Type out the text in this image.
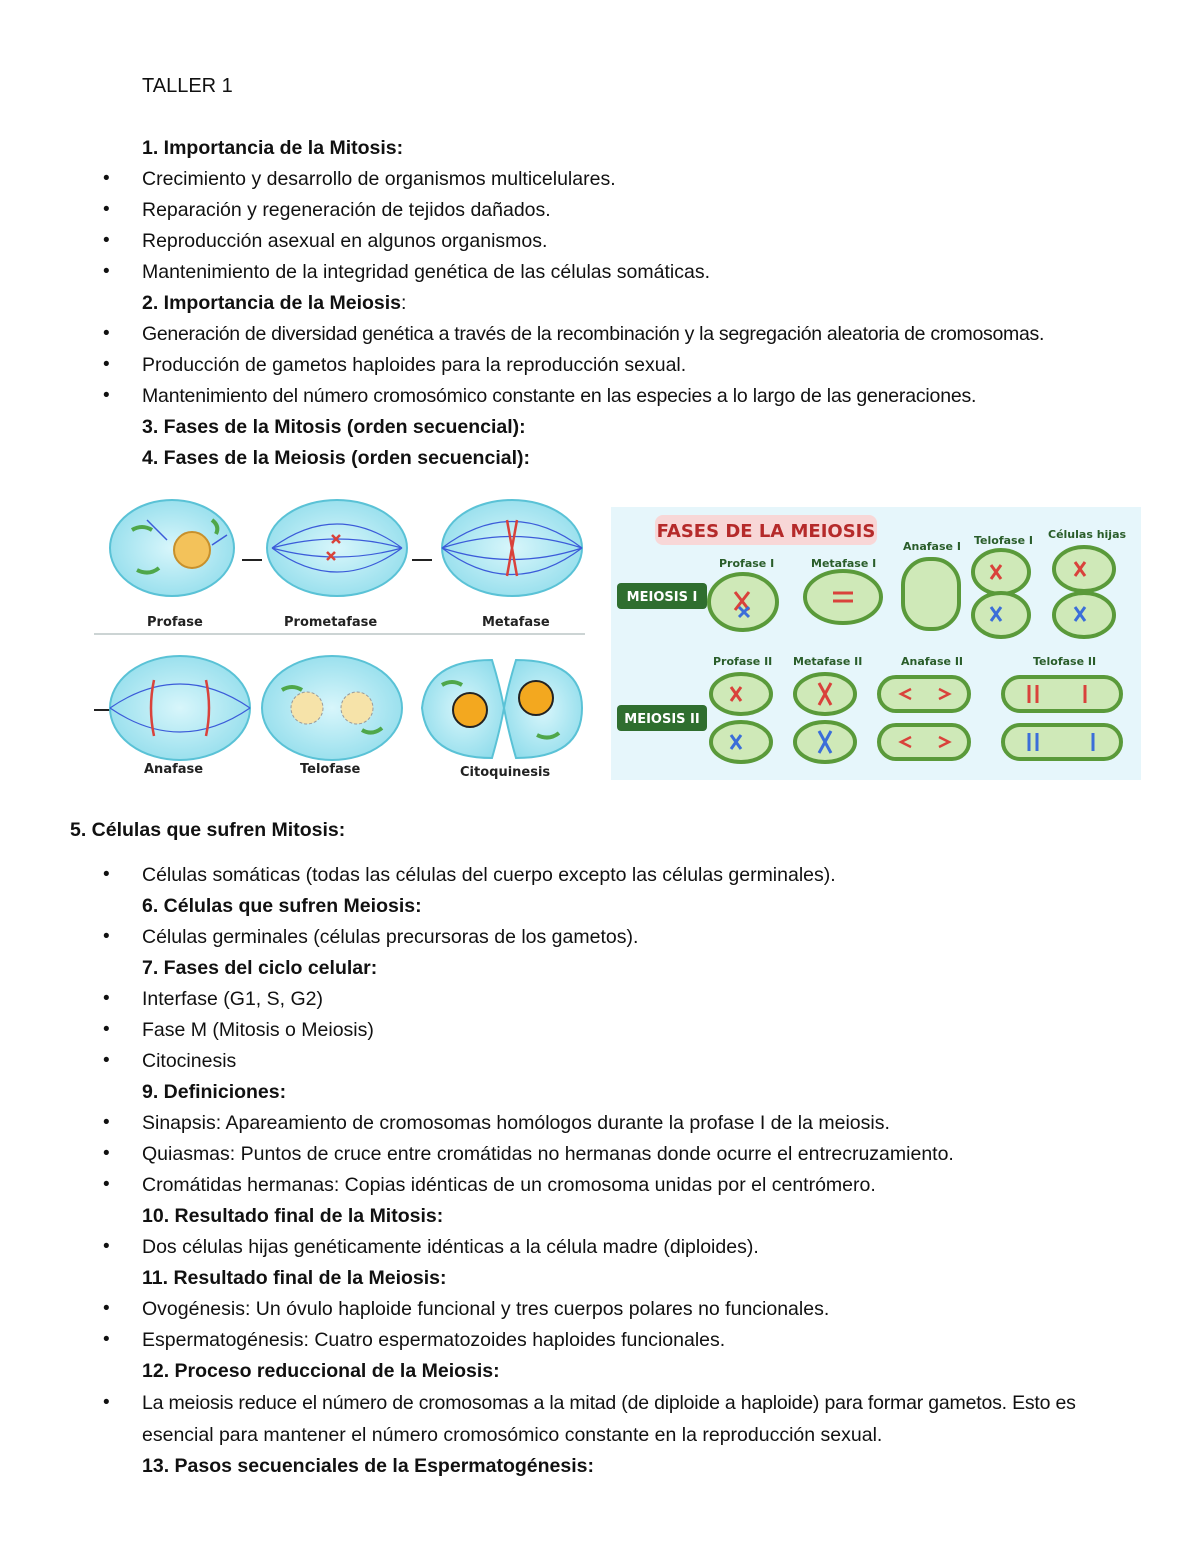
TALLER 1
1. Importancia de la Mitosis:
• Crecimiento y desarrollo de organismos multicelulares.
• Reparación y regeneración de tejidos dañados.
• Reproducción asexual en algunos organismos.
• Mantenimiento de la integridad genética de las células somáticas.
2. Importancia de la Meiosis:
• Generación de diversidad genética a través de la recombinación y la segregación aleatoria de cromosomas.
• Producción de gametos haploides para la reproducción sexual.
• Mantenimiento del número cromosómico constante en las especies a lo largo de las generaciones.
3. Fases de la Mitosis (orden secuencial):
4. Fases de la Meiosis (orden secuencial):
Profase	Prometafase	Metafase
Anafase	Telofase	Citoquinesis
FASES DE LA MEIOSIS
MEIOSIS I
MEIOSIS II
Profase I	Metafase I
Anafase I Telofase I Células hijas
Profase II Metafase II	Anafase II	Telofase II
5. Células que sufren Mitosis:
• Células somáticas (todas las células del cuerpo excepto las células germinales).
6. Células que sufren Meiosis:
• Células germinales (células precursoras de los gametos).
7. Fases del ciclo celular:
• Interfase (G1, S, G2)
• Fase M (Mitosis o Meiosis)
• Citocinesis
9. Definiciones:
• Sinapsis: Apareamiento de cromosomas homólogos durante la profase I de la meiosis.
• Quiasmas: Puntos de cruce entre cromátidas no hermanas donde ocurre el entrecruzamiento.
• Cromátidas hermanas: Copias idénticas de un cromosoma unidas por el centrómero.
10. Resultado final de la Mitosis:
• Dos células hijas genéticamente idénticas a la célula madre (diploides).
11. Resultado final de la Meiosis:
• Ovogénesis: Un óvulo haploide funcional y tres cuerpos polares no funcionales.
• Espermatogénesis: Cuatro espermatozoides haploides funcionales.
12. Proceso reduccional de la Meiosis:
• La meiosis reduce el número de cromosomas a la mitad (de diploide a haploide) para formar gametos. Esto es
esencial para mantener el número cromosómico constante en la reproducción sexual.
13. Pasos secuenciales de la Espermatogénesis:
